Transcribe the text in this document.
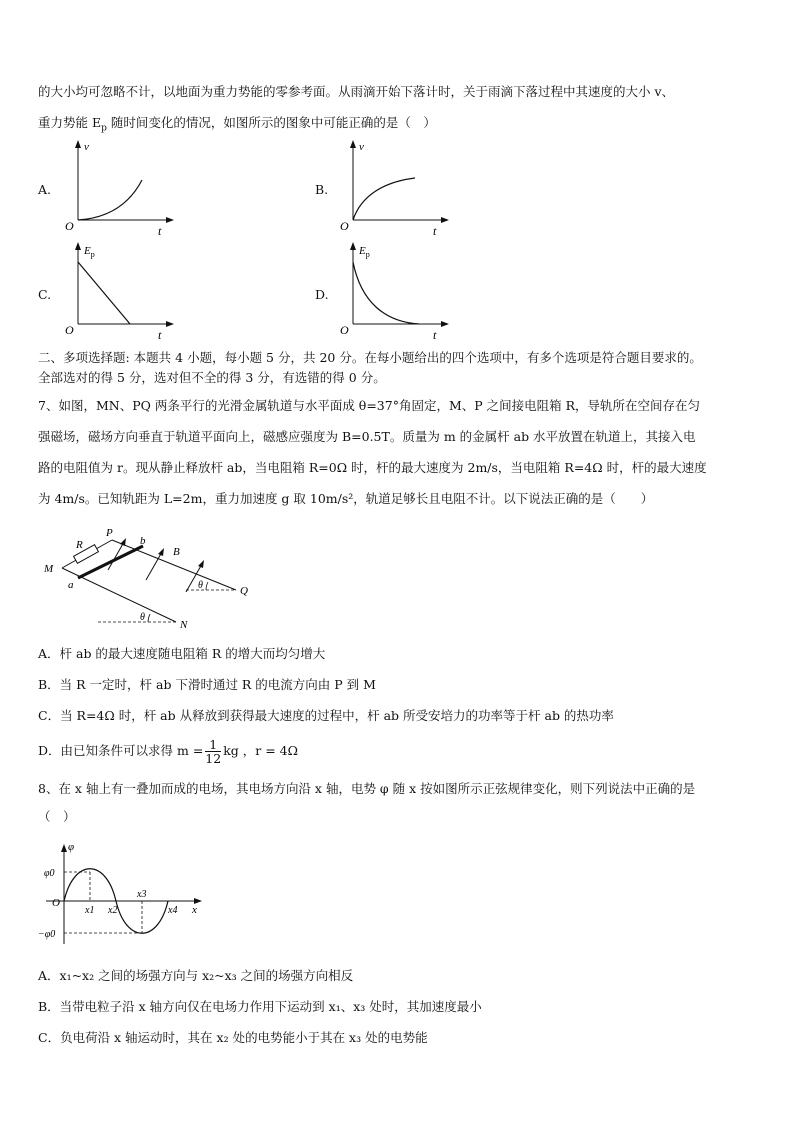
的大小均可忽略不计，以地面为重力势能的零参考面。从雨滴开始下落计时，关于雨滴下落过程中其速度的大小 v、
重力势能 $E_p$ 随时间变化的情况，如图所示的图象中可能正确的是（　）
A.	B.
C.	D.
v
O	t
v
O	t
$E_p$
O	t
$E_p$
O	t
二、多项选择题: 本题共 4 小题，每小题 5 分，共 20 分。在每小题给出的四个选项中，有多个选项是符合题目要求的。
全部选对的得 5 分，选对但不全的得 3 分，有选错的得 0 分。
7、如图，MN、PQ 两条平行的光滑金属轨道与水平面成 θ=37°角固定，M、P 之间接电阻箱 R，导轨所在空间存在匀
强磁场，磁场方向垂直于轨道平面向上，磁感应强度为 B=0.5T。质量为 m 的金属杆 ab 水平放置在轨道上，其接入电
路的电阻值为 r。现从静止释放杆 ab，当电阻箱 R=0Ω 时，杆的最大速度为 2m/s，当电阻箱 R=4Ω 时，杆的最大速度
为 4m/s。已知轨距为 L=2m，重力加速度 g 取 10m/s²，轨道足够长且电阻不计。以下说法正确的是（　　）
R
P
b
B
M
a	Q
N
θ
θ
A．杆 ab 的最大速度随电阻箱 R 的增大而均匀增大
B．当 R 一定时，杆 ab 下滑时通过 R 的电流方向由 P 到 M
C．当 R=4Ω 时，杆 ab 从释放到获得最大速度的过程中，杆 ab 所受安培力的功率等于杆 ab 的热功率
D．由已知条件可以求得 $m = \frac{1}{12}$ kg ，r = 4Ω
8、在 x 轴上有一叠加而成的电场，其电场方向沿 x 轴，电势 φ 随 x 按如图所示正弦规律变化，则下列说法中正确的是
（　）
φ
φ0
−φ0
O
x1 x2
x3
x4 x
A．x₁~x₂ 之间的场强方向与 x₂~x₃ 之间的场强方向相反
B．当带电粒子沿 x 轴方向仅在电场力作用下运动到 x₁、x₃ 处时，其加速度最小
C．负电荷沿 x 轴运动时，其在 x₂ 处的电势能小于其在 x₃ 处的电势能
